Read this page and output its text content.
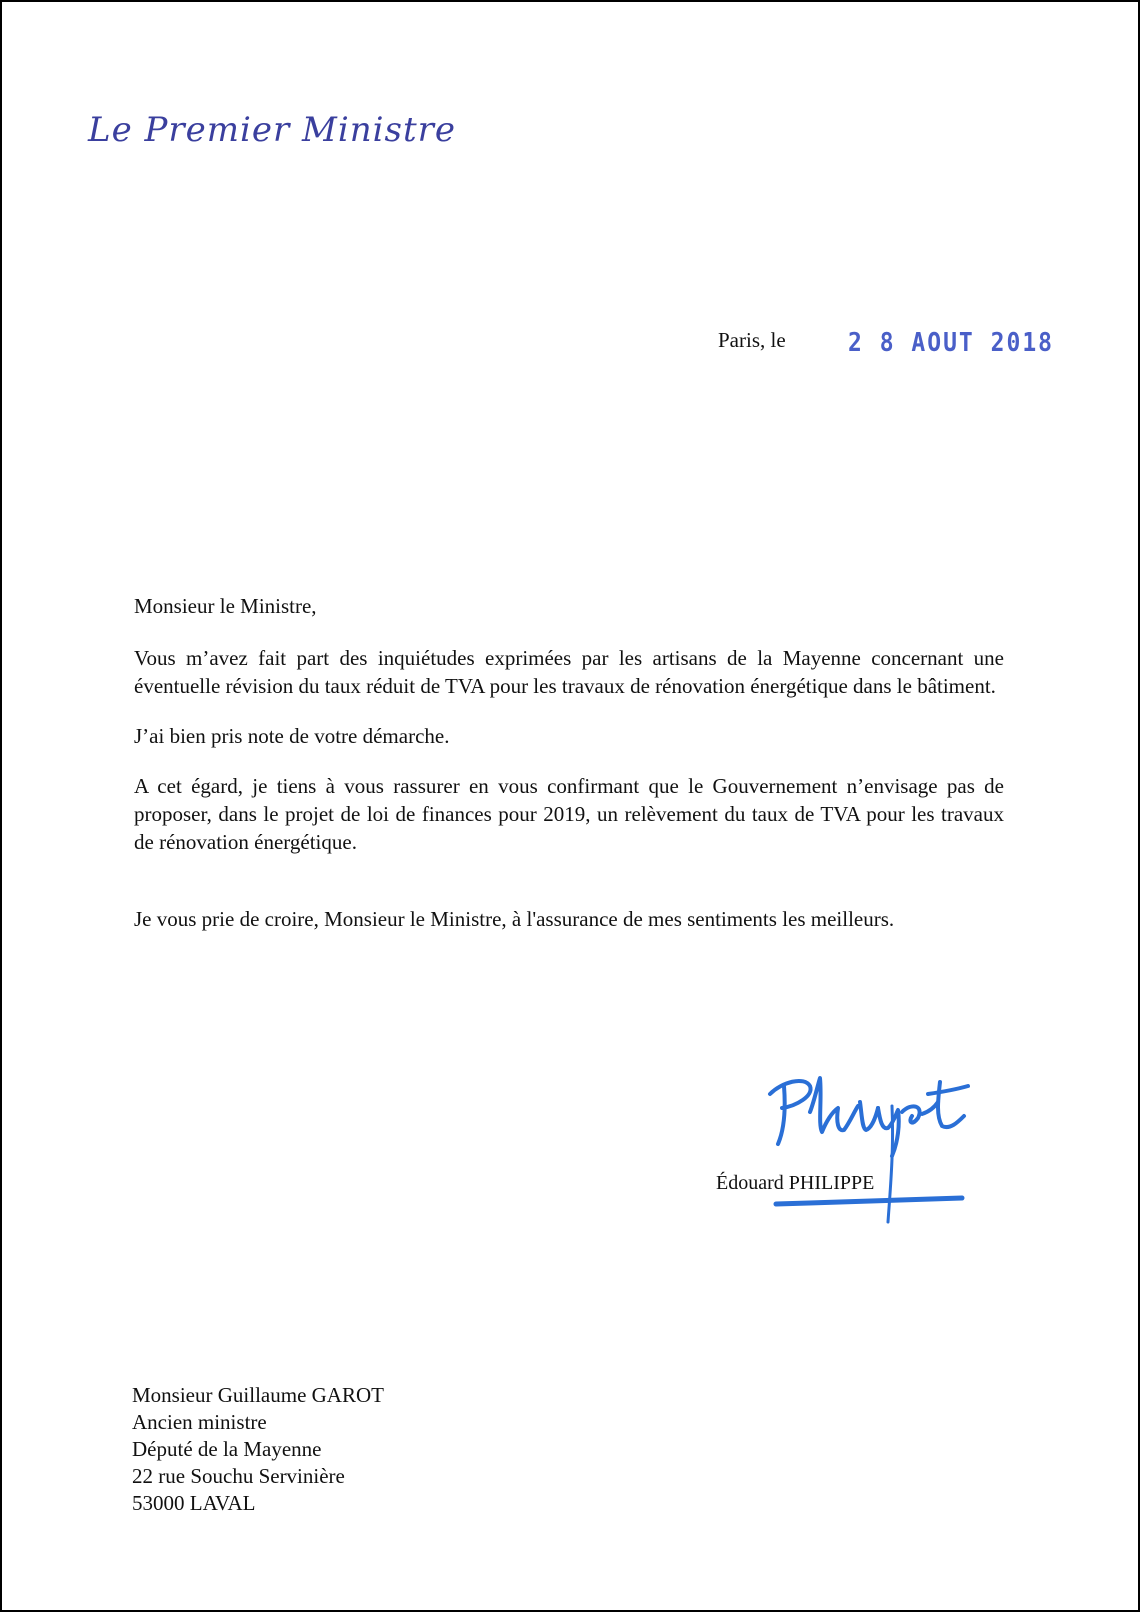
Le Premier Ministre
Paris, le	2 8 AOUT 2018
Monsieur le Ministre,

Vous m’avez fait part des inquiétudes exprimées par les artisans de la Mayenne concernant une éventuelle révision du taux réduit de TVA pour les travaux de rénovation énergétique dans le bâtiment.

J’ai bien pris note de votre démarche.

A cet égard, je tiens à vous rassurer en vous confirmant que le Gouvernement n’envisage pas de proposer, dans le projet de loi de finances pour 2019, un relèvement du taux de TVA pour les travaux de rénovation énergétique.

Je vous prie de croire, Monsieur le Ministre, à l'assurance de mes sentiments les meilleurs.
Édouard PHILIPPE
Monsieur Guillaume GAROT
Ancien ministre
Député de la Mayenne
22 rue Souchu Servinière
53000 LAVAL
